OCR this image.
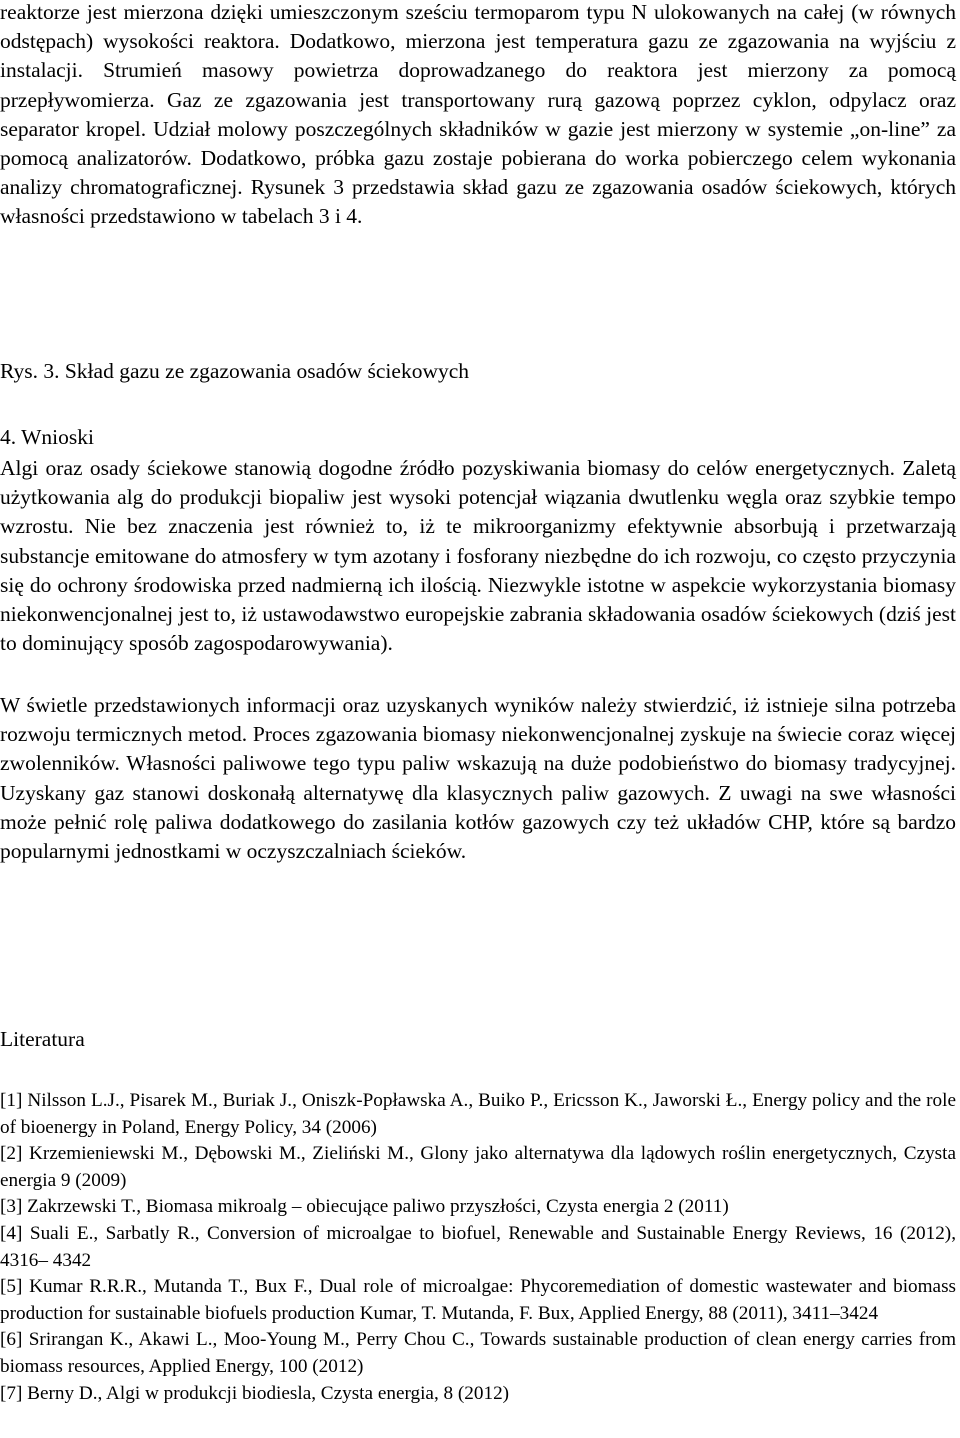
reaktorze jest mierzona dzięki umieszczonym sześciu termoparom typu N ulokowanych na całej (w równych odstępach) wysokości reaktora. Dodatkowo, mierzona jest temperatura gazu ze zgazowania na wyjściu z instalacji. Strumień masowy powietrza doprowadzanego do reaktora jest mierzony za pomocą przepływomierza. Gaz ze zgazowania jest transportowany rurą gazową poprzez cyklon, odpylacz oraz separator kropel. Udział molowy poszczególnych składników w gazie jest mierzony w systemie „on-line” za pomocą analizatorów. Dodatkowo, próbka gazu zostaje pobierana do worka pobierczego celem wykonania analizy chromatograficznej. Rysunek 3 przedstawia skład gazu ze zgazowania osadów ściekowych, których własności przedstawiono w tabelach 3 i 4.

Rys. 3. Skład gazu ze zgazowania osadów ściekowych

4. Wnioski

Algi oraz osady ściekowe stanowią dogodne źródło pozyskiwania biomasy do celów energetycznych. Zaletą użytkowania alg do produkcji biopaliw jest wysoki potencjał wiązania dwutlenku węgla oraz szybkie tempo wzrostu. Nie bez znaczenia jest również to, iż te mikroorganizmy efektywnie absorbują i przetwarzają substancje emitowane do atmosfery w tym azotany i fosforany niezbędne do ich rozwoju, co często przyczynia się do ochrony środowiska przed nadmierną ich ilością. Niezwykle istotne w aspekcie wykorzystania biomasy niekonwencjonalnej jest to, iż ustawodawstwo europejskie zabrania składowania osadów ściekowych (dziś jest to dominujący sposób zagospodarowywania).

W świetle przedstawionych informacji oraz uzyskanych wyników należy stwierdzić, iż istnieje silna potrzeba rozwoju termicznych metod. Proces zgazowania biomasy niekonwencjonalnej zyskuje na świecie coraz więcej zwolenników. Własności paliwowe tego typu paliw wskazują na duże podobieństwo do biomasy tradycyjnej. Uzyskany gaz stanowi doskonałą alternatywę dla klasycznych paliw gazowych. Z uwagi na swe własności może pełnić rolę paliwa dodatkowego do zasilania kotłów gazowych czy też układów CHP, które są bardzo popularnymi jednostkami w oczyszczalniach ścieków.

Literatura

[1] Nilsson L.J., Pisarek M., Buriak J., Oniszk-Popławska A., Buiko P., Ericsson K., Jaworski Ł., Energy policy and the role of bioenergy in Poland, Energy Policy, 34 (2006)
[2] Krzemieniewski M., Dębowski M., Zieliński M., Glony jako alternatywa dla lądowych roślin energetycznych, Czysta energia 9 (2009)
[3] Zakrzewski T., Biomasa mikroalg – obiecujące paliwo przyszłości, Czysta energia 2 (2011)
[4] Suali E., Sarbatly R., Conversion of microalgae to biofuel, Renewable and Sustainable Energy Reviews, 16 (2012), 4316– 4342
[5] Kumar R.R.R., Mutanda T., Bux F., Dual role of microalgae: Phycoremediation of domestic wastewater and biomass production for sustainable biofuels production Kumar, T. Mutanda, F. Bux, Applied Energy, 88 (2011), 3411–3424
[6] Srirangan K., Akawi L., Moo-Young M., Perry Chou C., Towards sustainable production of clean energy carries from biomass resources, Applied Energy, 100 (2012)
[7] Berny D., Algi w produkcji biodiesla, Czysta energia, 8 (2012)
